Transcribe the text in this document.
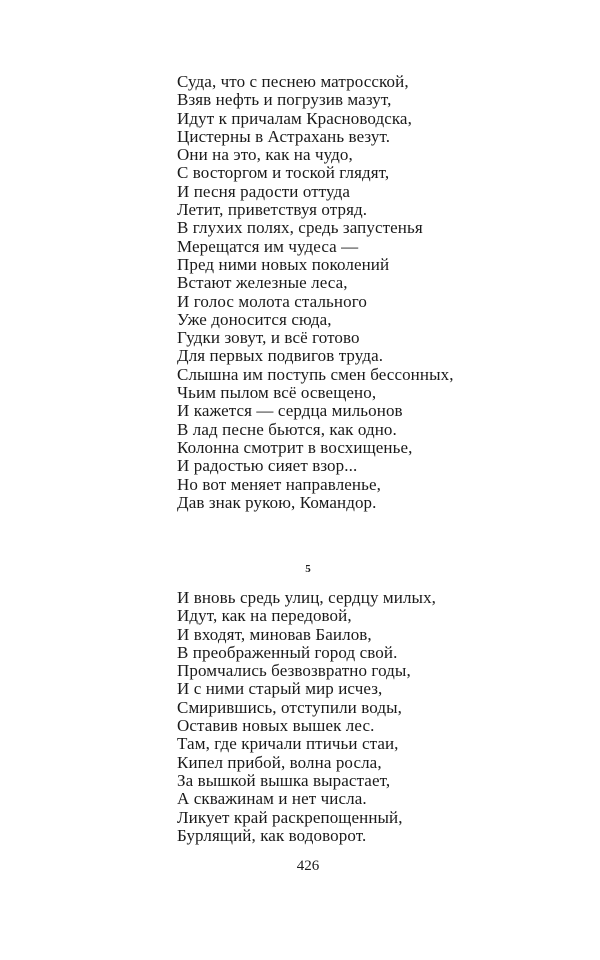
Суда, что с песнею матросской,
Взяв нефть и погрузив мазут,
Идут к причалам Красноводска,
Цистерны в Астрахань везут.
Они на это, как на чудо,
С восторгом и тоской глядят,
И песня радости оттуда
Летит, приветствуя отряд.
В глухих полях, средь запустенья
Мерещатся им чудеса —
Пред ними новых поколений
Встают железные леса,
И голос молота стального
Уже доносится сюда,
Гудки зовут, и всё готово
Для первых подвигов труда.
Слышна им поступь смен бессонных,
Чьим пылом всё освещено,
И кажется — сердца мильонов
В лад песне бьются, как одно.
Колонна смотрит в восхищенье,
И радостью сияет взор...
Но вот меняет направленье,
Дав знак рукою, Командор.
5
И вновь средь улиц, сердцу милых,
Идут, как на передовой,
И входят, миновав Баилов,
В преображенный город свой.
Промчались безвозвратно годы,
И с ними старый мир исчез,
Смирившись, отступили воды,
Оставив новых вышек лес.
Там, где кричали птичьи стаи,
Кипел прибой, волна росла,
За вышкой вышка вырастает,
А скважинам и нет числа.
Ликует край раскрепощенный,
Бурлящий, как водоворот.
426
